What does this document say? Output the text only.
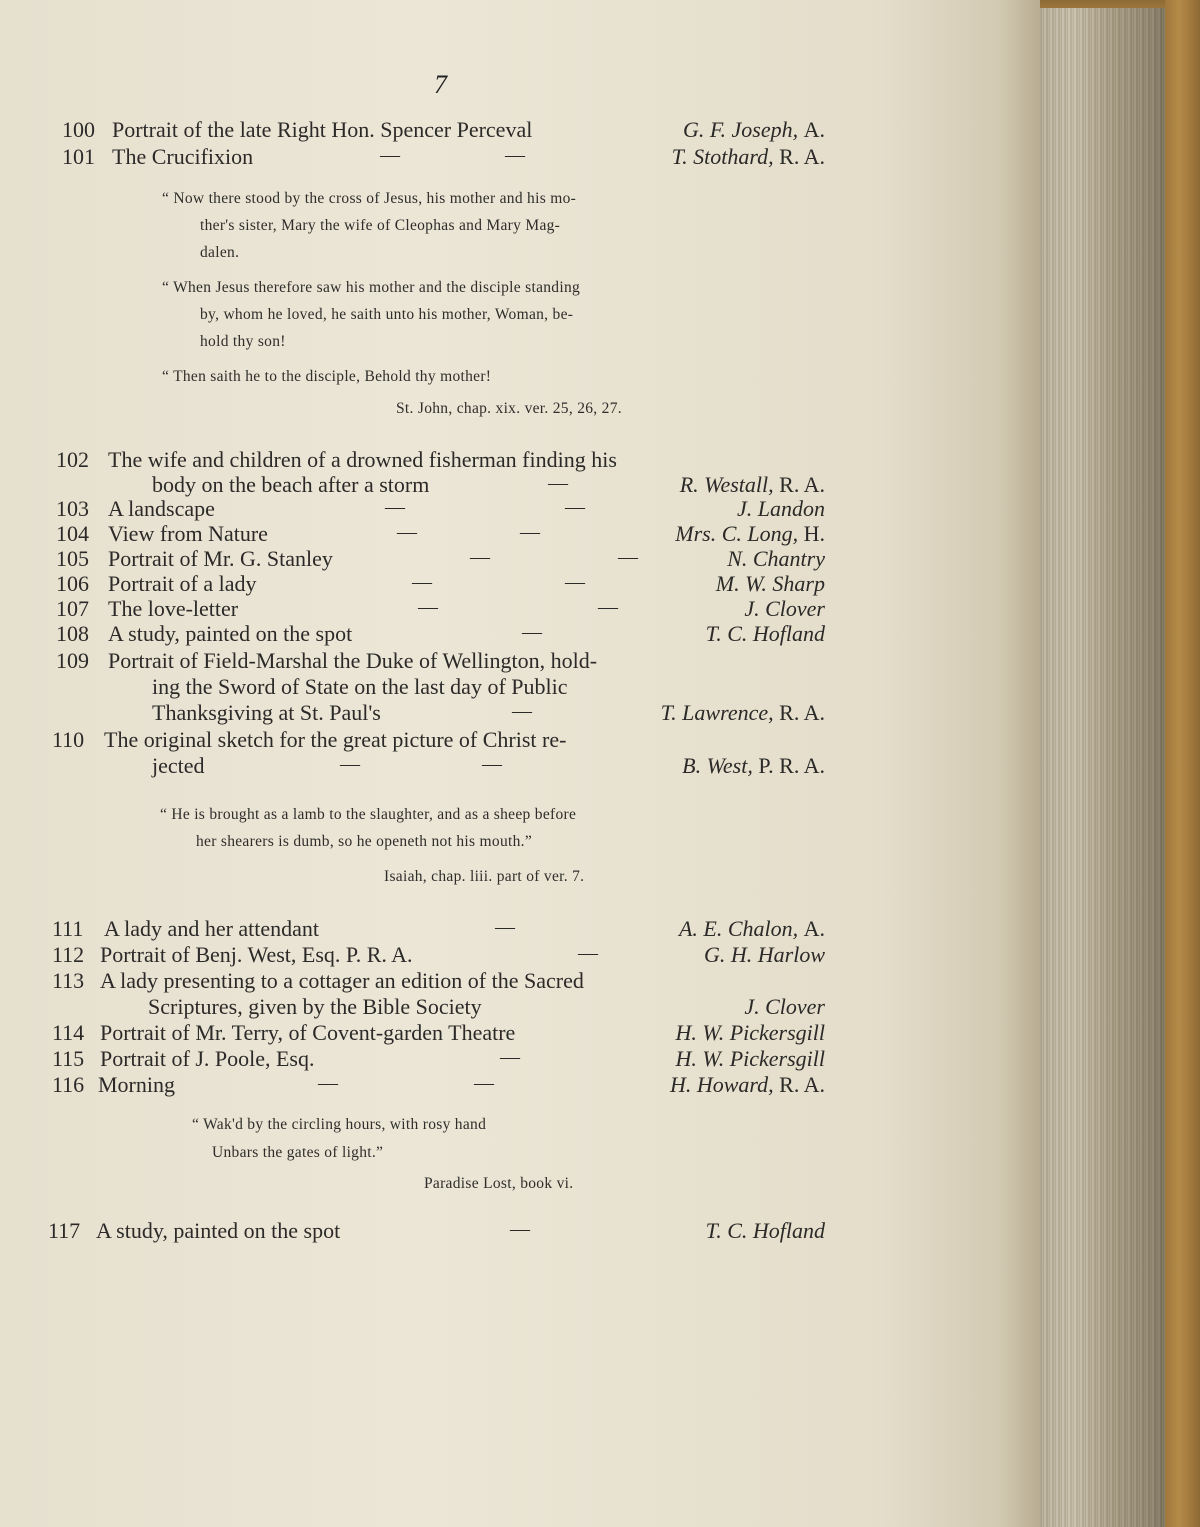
7
100 Portrait of the late Right Hon. Spencer Perceval	G. F. Joseph, A.
101 The Crucifixion	—	—	T. Stothard, R. A.
“ Now there stood by the cross of Jesus, his mother and his mo-
ther's sister, Mary the wife of Cleophas and Mary Mag-
dalen.
“ When Jesus therefore saw his mother and the disciple standing
by, whom he loved, he saith unto his mother, Woman, be-
hold thy son!
“ Then saith he to the disciple, Behold thy mother!
St. John, chap. xix. ver. 25, 26, 27.
102 The wife and children of a drowned fisherman finding his
body on the beach after a storm	—	R. Westall, R. A.
103 A landscape	—	—	J. Landon
104 View from Nature	—	—	Mrs. C. Long, H.
105 Portrait of Mr. G. Stanley	—	—	N. Chantry
106 Portrait of a lady	—	—	M. W. Sharp
107 The love-letter	—	—	J. Clover
108 A study, painted on the spot	—	T. C. Hofland
109 Portrait of Field-Marshal the Duke of Wellington, hold-
ing the Sword of State on the last day of Public
Thanksgiving at St. Paul's	—	T. Lawrence, R. A.
110 The original sketch for the great picture of Christ re-
jected	—	—	B. West, P. R. A.
“ He is brought as a lamb to the slaughter, and as a sheep before
her shearers is dumb, so he openeth not his mouth.”
Isaiah, chap. liii. part of ver. 7.
111 A lady and her attendant	—	A. E. Chalon, A.
112 Portrait of Benj. West, Esq. P. R. A.	—	G. H. Harlow
113 A lady presenting to a cottager an edition of the Sacred
Scriptures, given by the Bible Society	J. Clover
114 Portrait of Mr. Terry, of Covent-garden Theatre	H. W. Pickersgill
115 Portrait of J. Poole, Esq.	—	H. W. Pickersgill
116 Morning	—	—	H. Howard, R. A.
“ Wak'd by the circling hours, with rosy hand
Unbars the gates of light.”
Paradise Lost, book vi.
117 A study, painted on the spot	—	T. C. Hofland
